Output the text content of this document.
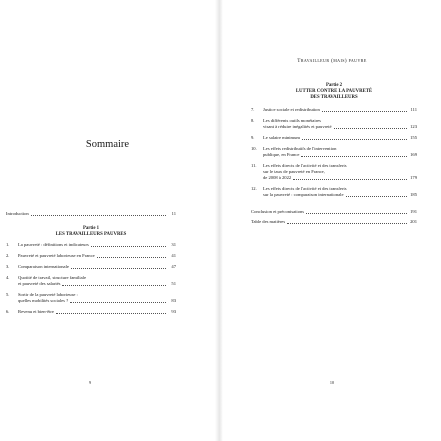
Sommaire
Introduction	11
Partie 1
LES TRAVAILLEURS PAUVRES
1.	La pauvreté : définitions et indicateurs	31
2.	Pauvreté et pauvreté laborieuse en France	41
3.	Comparaison internationale	47
4.	Quotité de travail, structure familiale
et pauvreté des salariés	51
5.	Sortir de la pauvreté laborieuse :
quelles mobilités sociales ?	83
6.	Revenu et bien-être	93
9
Travailleur (mais) pauvre
Partie 2
LUTTER CONTRE LA PAUVRETÉ
DES TRAVAILLEURS
7.	Justice sociale et redistribution	111
8.	Les différents outils monétaires
visant à réduire inégalités et pauvreté	123
9.	Le salaire minimum	155
10.	Les effets redistributifs de l'intervention
publique, en France	169
11.	Les effets directs de l'activité et des transferts
sur le taux de pauvreté en France,
de 2008 à 2022	179
12.	Les effets directs de l'activité et des transferts
sur la pauvreté : comparaison internationale	185
Conclusion et préconisations	191
Table des matières	201
10
